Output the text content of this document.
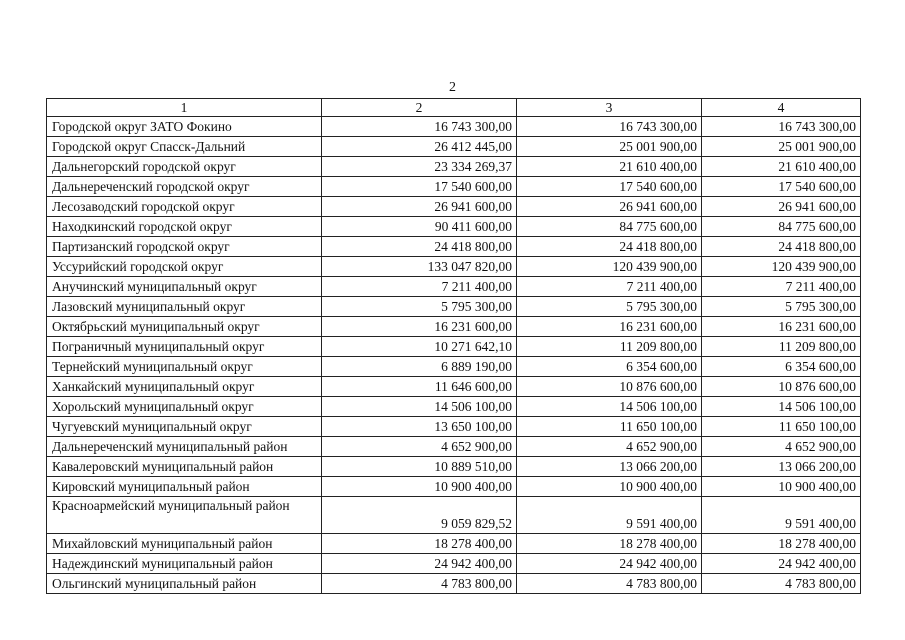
2
1	2	3	4
Городской округ ЗАТО Фокино	16 743 300,00	16 743 300,00	16 743 300,00
Городской округ Спасск-Дальний	26 412 445,00	25 001 900,00	25 001 900,00
Дальнегорский городской округ	23 334 269,37	21 610 400,00	21 610 400,00
Дальнереченский городской округ	17 540 600,00	17 540 600,00	17 540 600,00
Лесозаводский городской округ	26 941 600,00	26 941 600,00	26 941 600,00
Находкинский городской округ	90 411 600,00	84 775 600,00	84 775 600,00
Партизанский городской округ	24 418 800,00	24 418 800,00	24 418 800,00
Уссурийский городской округ	133 047 820,00	120 439 900,00	120 439 900,00
Анучинский муниципальный округ	7 211 400,00	7 211 400,00	7 211 400,00
Лазовский муниципальный округ	5 795 300,00	5 795 300,00	5 795 300,00
Октябрьский муниципальный округ	16 231 600,00	16 231 600,00	16 231 600,00
Пограничный муниципальный округ	10 271 642,10	11 209 800,00	11 209 800,00
Тернейский муниципальный округ	6 889 190,00	6 354 600,00	6 354 600,00
Ханкайский муниципальный округ	11 646 600,00	10 876 600,00	10 876 600,00
Хорольский муниципальный округ	14 506 100,00	14 506 100,00	14 506 100,00
Чугуевский муниципальный округ	13 650 100,00	11 650 100,00	11 650 100,00
Дальнереченский муниципальный район	4 652 900,00	4 652 900,00	4 652 900,00
Кавалеровский муниципальный район	10 889 510,00	13 066 200,00	13 066 200,00
Кировский муниципальный район	10 900 400,00	10 900 400,00	10 900 400,00
Красноармейский муниципальный район	9 059 829,52	9 591 400,00	9 591 400,00
Михайловский муниципальный район	18 278 400,00	18 278 400,00	18 278 400,00
Надеждинский муниципальный район	24 942 400,00	24 942 400,00	24 942 400,00
Ольгинский муниципальный район	4 783 800,00	4 783 800,00	4 783 800,00
